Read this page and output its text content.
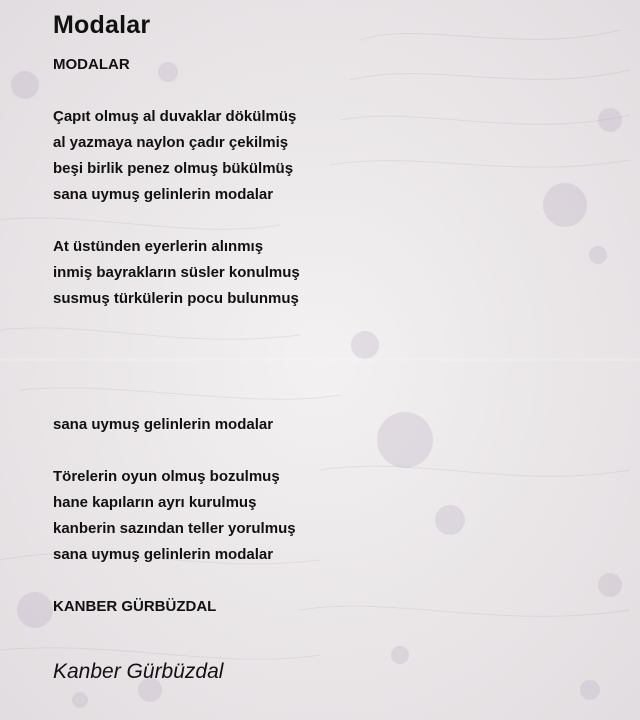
Modalar
MODALAR
Çapıt olmuş al duvaklar dökülmüş
al yazmaya naylon çadır çekilmiş
beşi birlik penez olmuş bükülmüş
sana uymuş gelinlerin modalar
At üstünden eyerlerin alınmış
inmiş bayrakların süsler konulmuş
susmuş türkülerin pocu bulunmuş
sana uymuş gelinlerin modalar
Törelerin oyun olmuş bozulmuş
hane kapıların ayrı kurulmuş
kanberin sazından teller yorulmuş
sana uymuş gelinlerin modalar
KANBER GÜRBÜZDAL
Kanber Gürbüzdal
